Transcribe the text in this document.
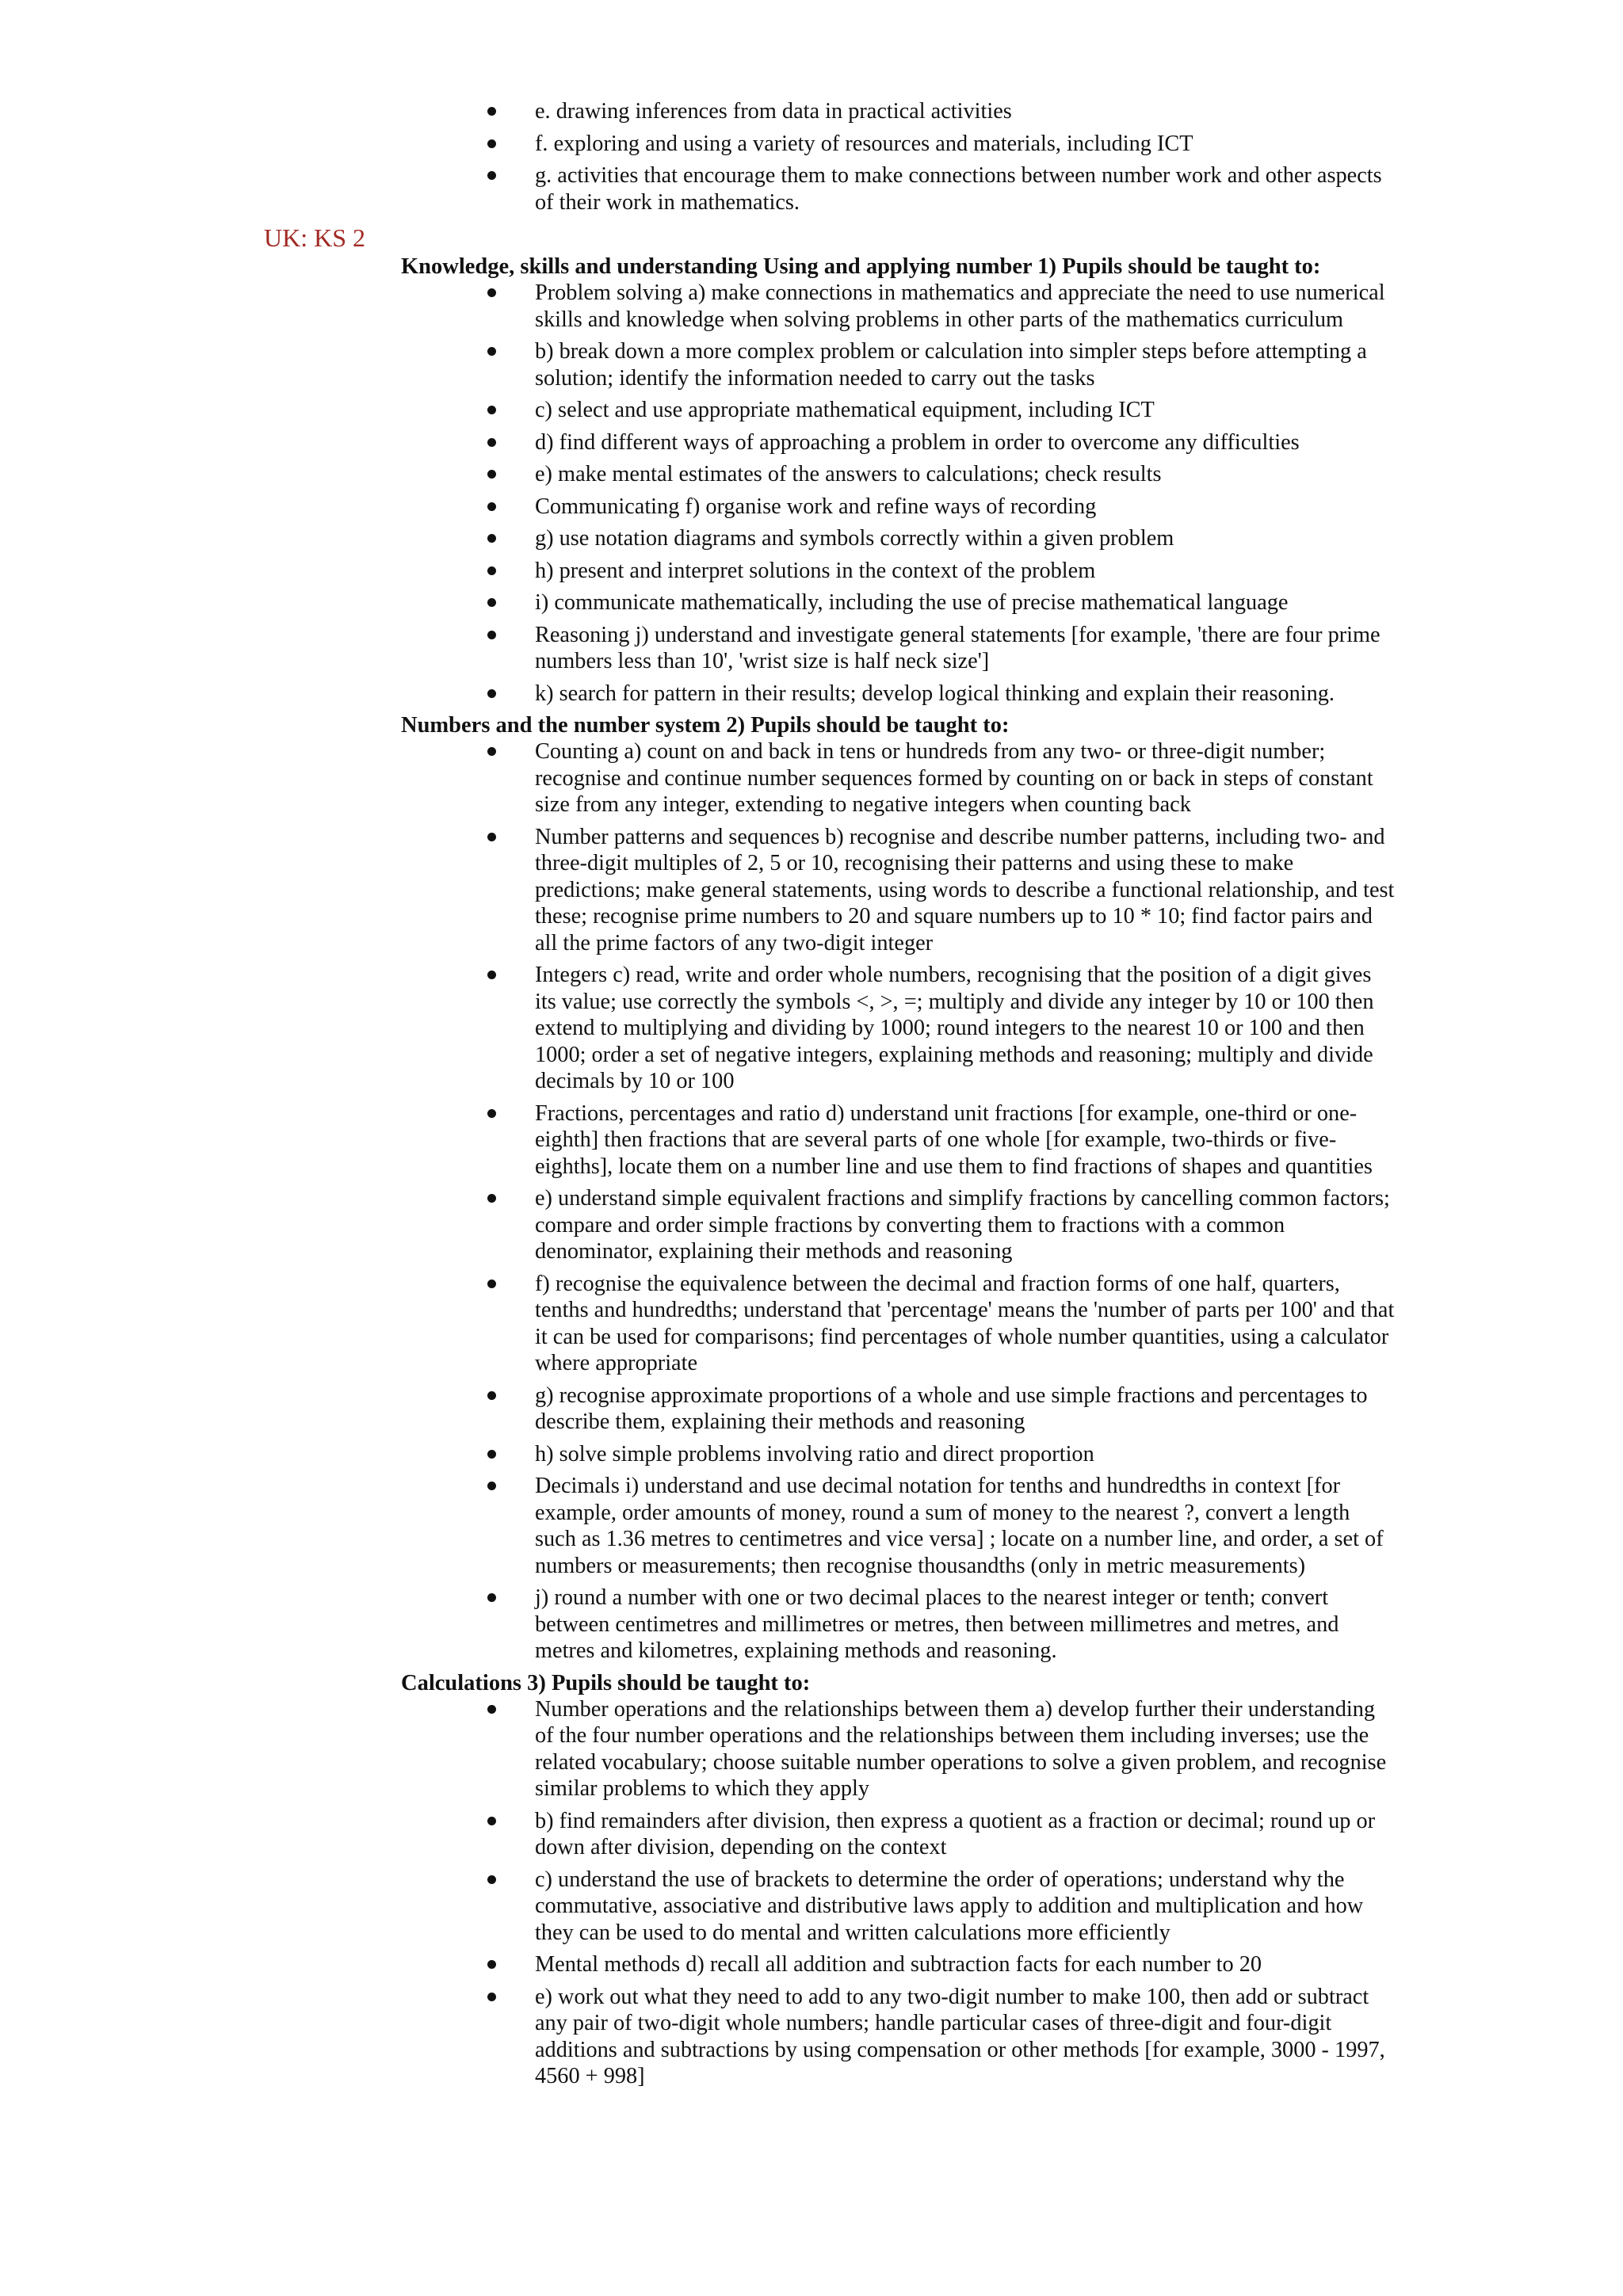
e. drawing inferences from data in practical activities
f. exploring and using a variety of resources and materials, including ICT
g. activities that encourage them to make connections between number work and other aspects of their work in mathematics.
UK: KS 2
Knowledge, skills and understanding Using and applying number 1) Pupils should be taught to:
Problem solving a) make connections in mathematics and appreciate the need to use numerical skills and knowledge when solving problems in other parts of the mathematics curriculum
b) break down a more complex problem or calculation into simpler steps before attempting a solution; identify the information needed to carry out the tasks
c) select and use appropriate mathematical equipment, including ICT
d) find different ways of approaching a problem in order to overcome any difficulties
e) make mental estimates of the answers to calculations; check results
Communicating f) organise work and refine ways of recording
g) use notation diagrams and symbols correctly within a given problem
h) present and interpret solutions in the context of the problem
i) communicate mathematically, including the use of precise mathematical language
Reasoning j) understand and investigate general statements [for example, 'there are four prime numbers less than 10', 'wrist size is half neck size']
k) search for pattern in their results; develop logical thinking and explain their reasoning.
Numbers and the number system 2) Pupils should be taught to:
Counting a) count on and back in tens or hundreds from any two- or three-digit number; recognise and continue number sequences formed by counting on or back in steps of constant size from any integer, extending to negative integers when counting back
Number patterns and sequences b) recognise and describe number patterns, including two- and three-digit multiples of 2, 5 or 10, recognising their patterns and using these to make predictions; make general statements, using words to describe a functional relationship, and test these; recognise prime numbers to 20 and square numbers up to 10 * 10; find factor pairs and all the prime factors of any two-digit integer
Integers c) read, write and order whole numbers, recognising that the position of a digit gives its value; use correctly the symbols <, >, =; multiply and divide any integer by 10 or 100 then extend to multiplying and dividing by 1000; round integers to the nearest 10 or 100 and then 1000; order a set of negative integers, explaining methods and reasoning; multiply and divide decimals by 10 or 100
Fractions, percentages and ratio d) understand unit fractions [for example, one-third or one-eighth] then fractions that are several parts of one whole [for example, two-thirds or five-eighths], locate them on a number line and use them to find fractions of shapes and quantities
e) understand simple equivalent fractions and simplify fractions by cancelling common factors; compare and order simple fractions by converting them to fractions with a common denominator, explaining their methods and reasoning
f) recognise the equivalence between the decimal and fraction forms of one half, quarters, tenths and hundredths; understand that 'percentage' means the 'number of parts per 100' and that it can be used for comparisons; find percentages of whole number quantities, using a calculator where appropriate
g) recognise approximate proportions of a whole and use simple fractions and percentages to describe them, explaining their methods and reasoning
h) solve simple problems involving ratio and direct proportion
Decimals i) understand and use decimal notation for tenths and hundredths in context [for example, order amounts of money, round a sum of money to the nearest ?, convert a length such as 1.36 metres to centimetres and vice versa] ; locate on a number line, and order, a set of numbers or measurements; then recognise thousandths (only in metric measurements)
j) round a number with one or two decimal places to the nearest integer or tenth; convert between centimetres and millimetres or metres, then between millimetres and metres, and metres and kilometres, explaining methods and reasoning.
Calculations 3) Pupils should be taught to:
Number operations and the relationships between them a) develop further their understanding of the four number operations and the relationships between them including inverses; use the related vocabulary; choose suitable number operations to solve a given problem, and recognise similar problems to which they apply
b) find remainders after division, then express a quotient as a fraction or decimal; round up or down after division, depending on the context
c) understand the use of brackets to determine the order of operations; understand why the commutative, associative and distributive laws apply to addition and multiplication and how they can be used to do mental and written calculations more efficiently
Mental methods d) recall all addition and subtraction facts for each number to 20
e) work out what they need to add to any two-digit number to make 100, then add or subtract any pair of two-digit whole numbers; handle particular cases of three-digit and four-digit additions and subtractions by using compensation or other methods [for example, 3000 - 1997, 4560 + 998]
